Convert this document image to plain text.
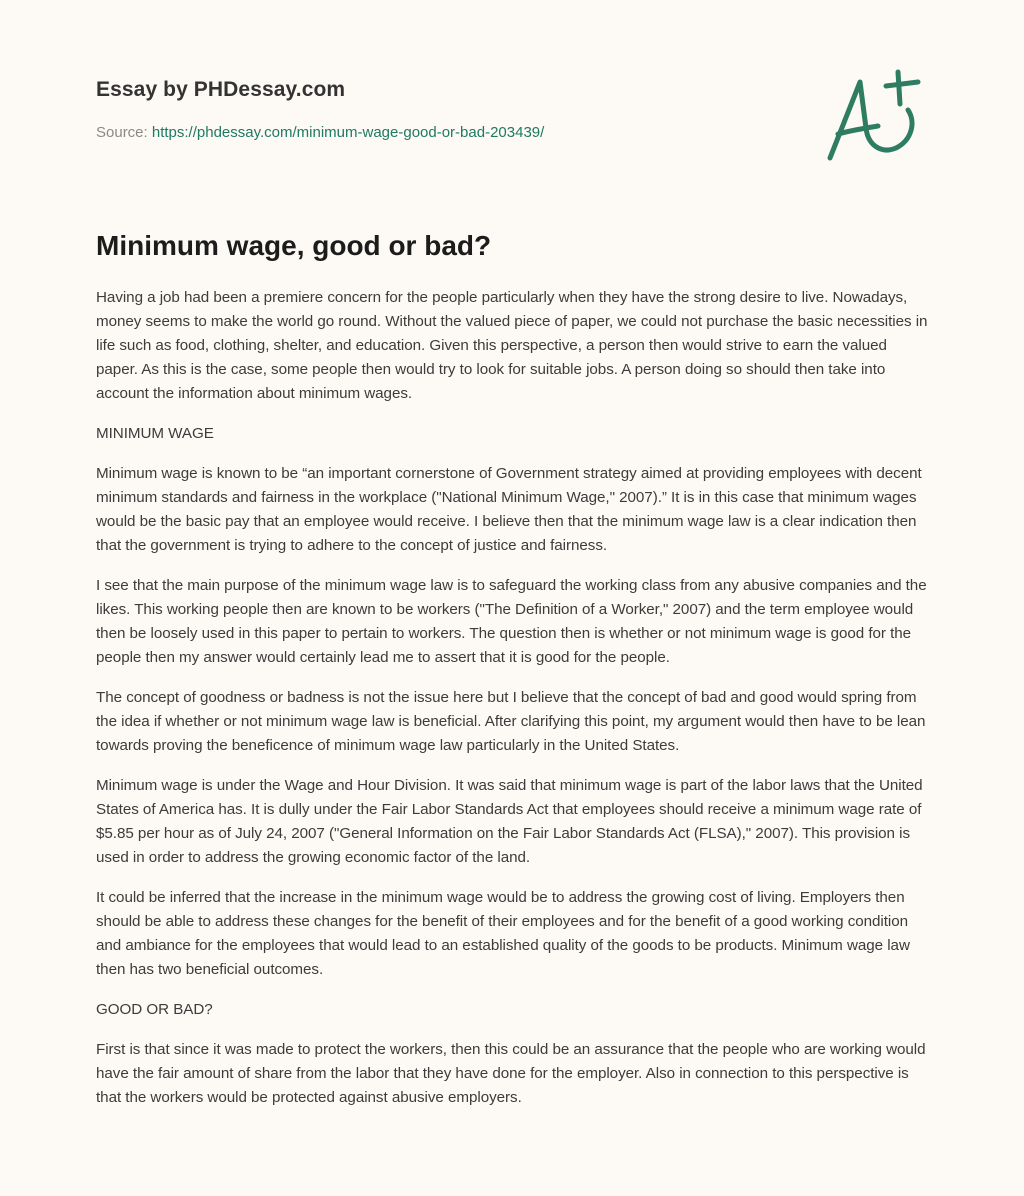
Essay by PHDessay.com
Source: https://phdessay.com/minimum-wage-good-or-bad-203439/
Minimum wage, good or bad?

Having a job had been a premiere concern for the people particularly when they have the strong desire to live. Nowadays, money seems to make the world go round. Without the valued piece of paper, we could not purchase the basic necessities in life such as food, clothing, shelter, and education. Given this perspective, a person then would strive to earn the valued paper. As this is the case, some people then would try to look for suitable jobs. A person doing so should then take into account the information about minimum wages.

MINIMUM WAGE

Minimum wage is known to be “an important cornerstone of Government strategy aimed at providing employees with decent minimum standards and fairness in the workplace ("National Minimum Wage," 2007).” It is in this case that minimum wages would be the basic pay that an employee would receive. I believe then that the minimum wage law is a clear indication then that the government is trying to adhere to the concept of justice and fairness.

I see that the main purpose of the minimum wage law is to safeguard the working class from any abusive companies and the likes. This working people then are known to be workers ("The Definition of a Worker," 2007) and the term employee would then be loosely used in this paper to pertain to workers. The question then is whether or not minimum wage is good for the people then my answer would certainly lead me to assert that it is good for the people.

The concept of goodness or badness is not the issue here but I believe that the concept of bad and good would spring from the idea if whether or not minimum wage law is beneficial. After clarifying this point, my argument would then have to be lean towards proving the beneficence of minimum wage law particularly in the United States.

Minimum wage is under the Wage and Hour Division. It was said that minimum wage is part of the labor laws that the United States of America has. It is dully under the Fair Labor Standards Act that employees should receive a minimum wage rate of $5.85 per hour as of July 24, 2007 ("General Information on the Fair Labor Standards Act (FLSA)," 2007). This provision is used in order to address the growing economic factor of the land.

It could be inferred that the increase in the minimum wage would be to address the growing cost of living. Employers then should be able to address these changes for the benefit of their employees and for the benefit of a good working condition and ambiance for the employees that would lead to an established quality of the goods to be products. Minimum wage law then has two beneficial outcomes.

GOOD OR BAD?

First is that since it was made to protect the workers, then this could be an assurance that the people who are working would have the fair amount of share from the labor that they have done for the employer. Also in connection to this perspective is that the workers would be protected against abusive employers.
